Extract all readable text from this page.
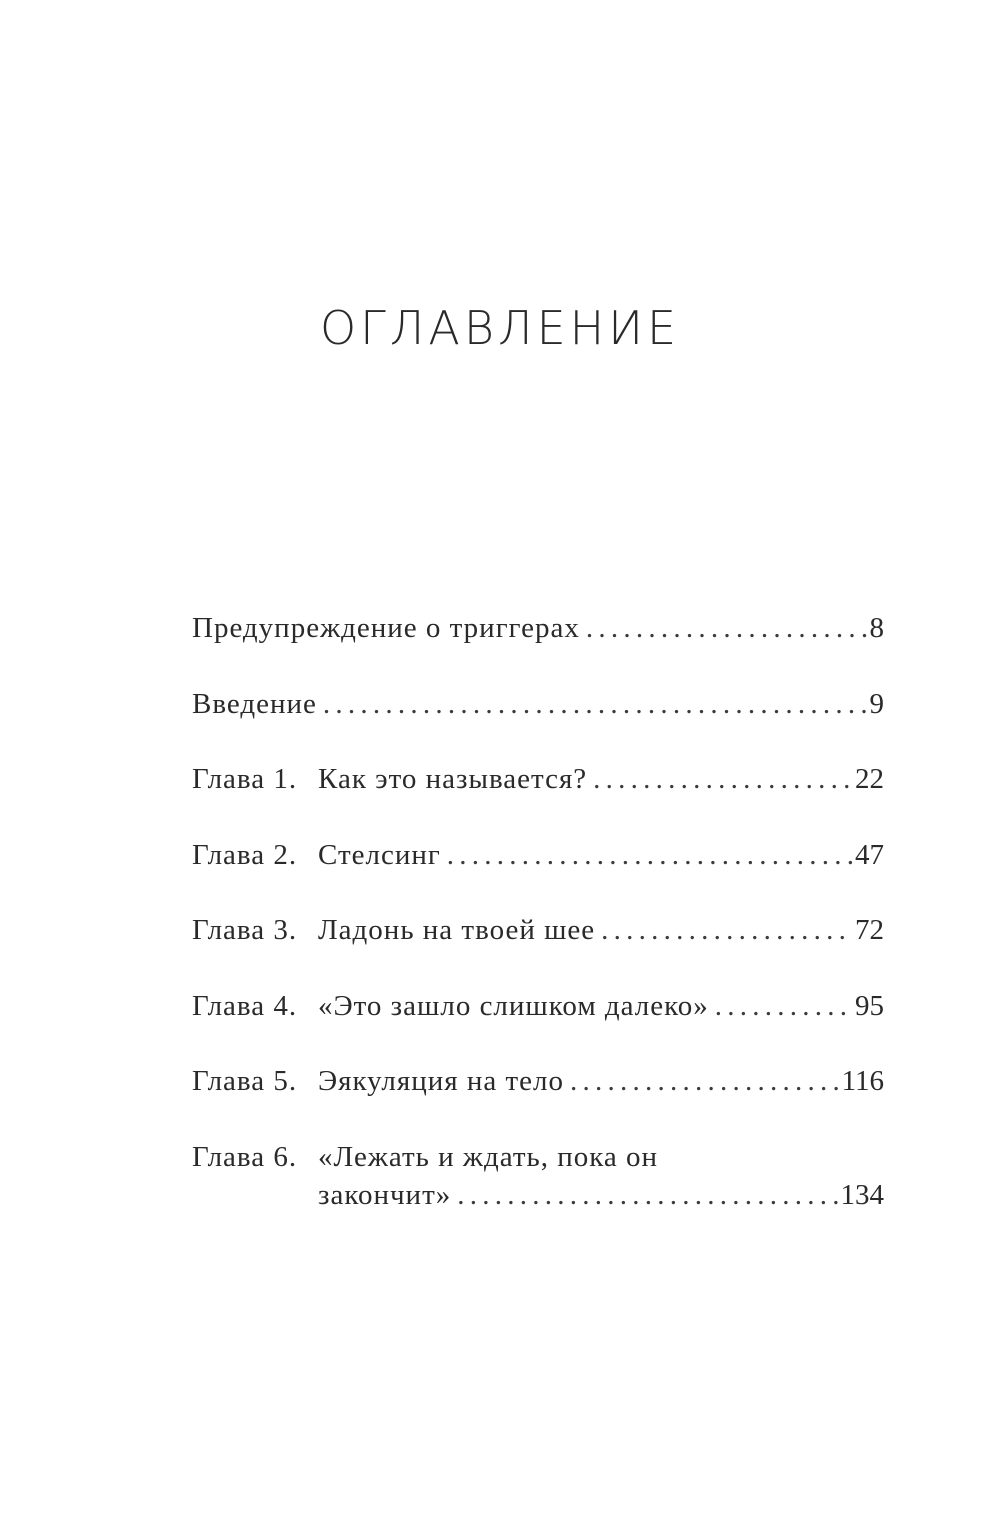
ОГЛАВЛЕНИЕ
Предупреждение о триггерах . . .	8
Введение . . .	9
Глава 1. Как это называется? . . .	22
Глава 2. Стелсинг . . .	47
Глава 3. Ладонь на твоей шее . . .	72
Глава 4. «Это зашло слишком далеко» . . .	95
Глава 5. Эякуляция на тело . . .	116
Глава 6. «Лежать и ждать, пока он
закончит» . . .	134
